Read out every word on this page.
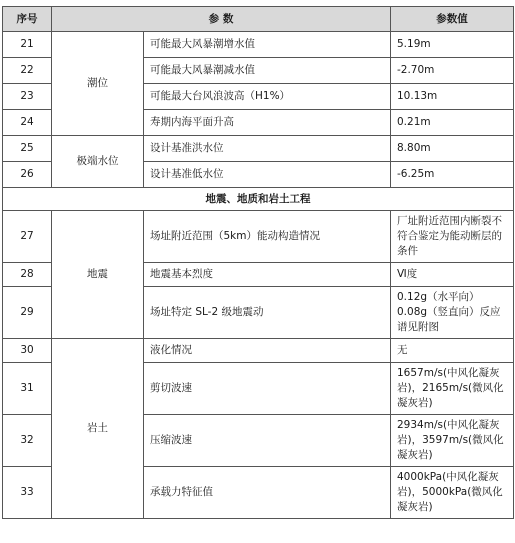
序号	参 数		参数值
21	潮位	可能最大风暴潮增水值	5.19m
22		可能最大风暴潮减水值	-2.70m
23		可能最大台风浪波高（H1%）	10.13m
24		寿期内海平面升高	0.21m
25	极端水位	设计基准洪水位	8.80m
26		设计基准低水位	-6.25m
地震、地质和岩土工程			
27	地震	场址附近范围（5km）能动构造情况	厂址附近范围内断裂不符合鉴定为能动断层的条件
28		地震基本烈度	Ⅵ度
29		场址特定 SL-2 级地震动	0.12g（水平向）0.08g（竖直向）反应谱见附图
30	岩土	液化情况	无
31		剪切波速	1657m/s(中风化凝灰岩)，2165m/s(微风化凝灰岩)
32		压缩波速	2934m/s(中风化凝灰岩)，3597m/s(微风化凝灰岩)
33		承载力特征值	4000kPa(中风化凝灰岩)，5000kPa(微风化凝灰岩)
